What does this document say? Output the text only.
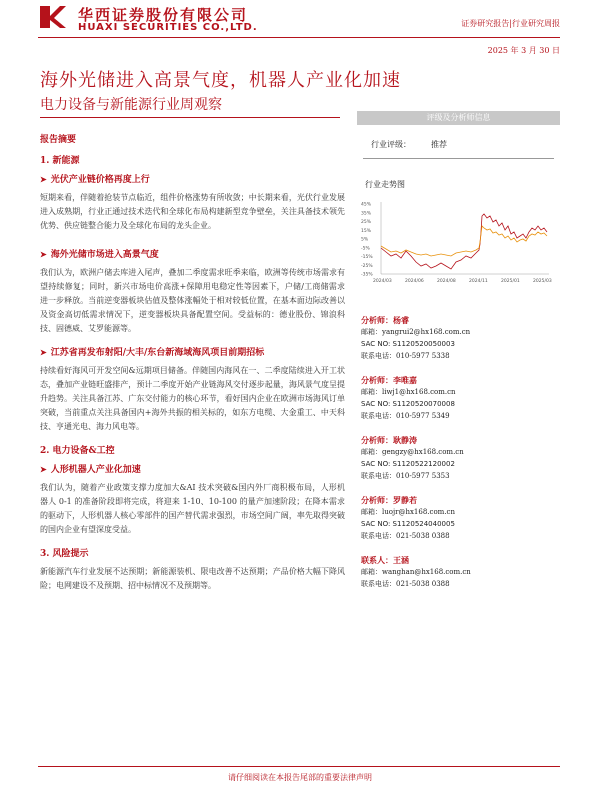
华西证券股份有限公司
HUAXI SECURITIES CO.,LTD.	证券研究报告|行业研究周报
2025 年 3 月 30 日
海外光储进入高景气度，机器人产业化加速
电力设备与新能源行业周观察
报告摘要
1. 新能源
➤ 光伏产业链价格再度上行

短期来看，伴随着抢装节点临近，组件价格涨势有所收敛；中长期来看，光伏行业发展进入成熟期，行业正通过技术迭代和全球化布局构建新型竞争壁垒，关注具备技术领先优势、供应链整合能力及全球化布局的龙头企业。

➤ 海外光储市场进入高景气度

我们认为，欧洲户储去库进入尾声，叠加二季度需求旺季来临，欧洲等传统市场需求有望持续修复；同时，新兴市场电价高涨+保障用电稳定性等因素下，户储/工商储需求进一步释放。当前逆变器板块估值及整体涨幅处于相对较低位置，在基本面边际改善以及资金高切低需求情况下，逆变器板块具备配置空间。受益标的：德业股份、锦浪科技、固德威、艾罗能源等。

➤ 江苏省再发布射阳/大丰/东台新海域海风项目前期招标

持续看好海风可开发空间&远期项目储备。伴随国内海风在一、二季度陆续进入开工状态，叠加产业链旺盛排产，预计二季度开始产业链海风交付逐步起量，海风景气度呈提升趋势。关注具备江苏、广东交付能力的核心环节，看好国内企业在欧洲市场海风订单突破，当前重点关注具备国内+海外共振的相关标的，如东方电缆、大金重工、中天科技、亨通光电、海力风电等。

2. 电力设备&工控
➤ 人形机器人产业化加速

我们认为，随着产业政策支撑力度加大&AI 技术突破&国内外厂商积极布局，人形机器人 0-1 的准备阶段即将完成，将迎来 1-10、10-100 的量产加速阶段；在降本需求的驱动下，人形机器人核心零部件的国产替代需求强烈，市场空间广阔，率先取得突破的国内企业有望深度受益。

3. 风险提示

新能源汽车行业发展不达预期；新能源装机、限电改善不达预期；产品价格大幅下降风险；电网建设不及预期、招中标情况不及预期等。

评级及分析师信息
行业评级：	推荐
行业走势图
45%
35%
25%
15%
5%
-5%
-15%
-25%
-35%
2024/03	2024/06	2024/08	2024/11	2025/01	2025/03
分析师：杨睿
邮箱：yangrui2@hx168.com.cn
SAC NO: S1120520050003
联系电话：010-5977 5338
分析师：李唯嘉
邮箱：liwj1@hx168.com.cn
SAC NO: S1120520070008
联系电话：010-5977 5349
分析师：耿静涛
邮箱：gengzy@hx168.com.cn
SAC NO: S1120522120002
联系电话：010-5977 5353
分析师：罗静若
邮箱：luojr@hx168.com.cn
SAC NO: S1120524040005
联系电话：021-5038 0388
联系人：王涵
邮箱：wanghan@hx168.com.cn
联系电话：021-5038 0388
请仔细阅读在本报告尾部的重要法律声明
